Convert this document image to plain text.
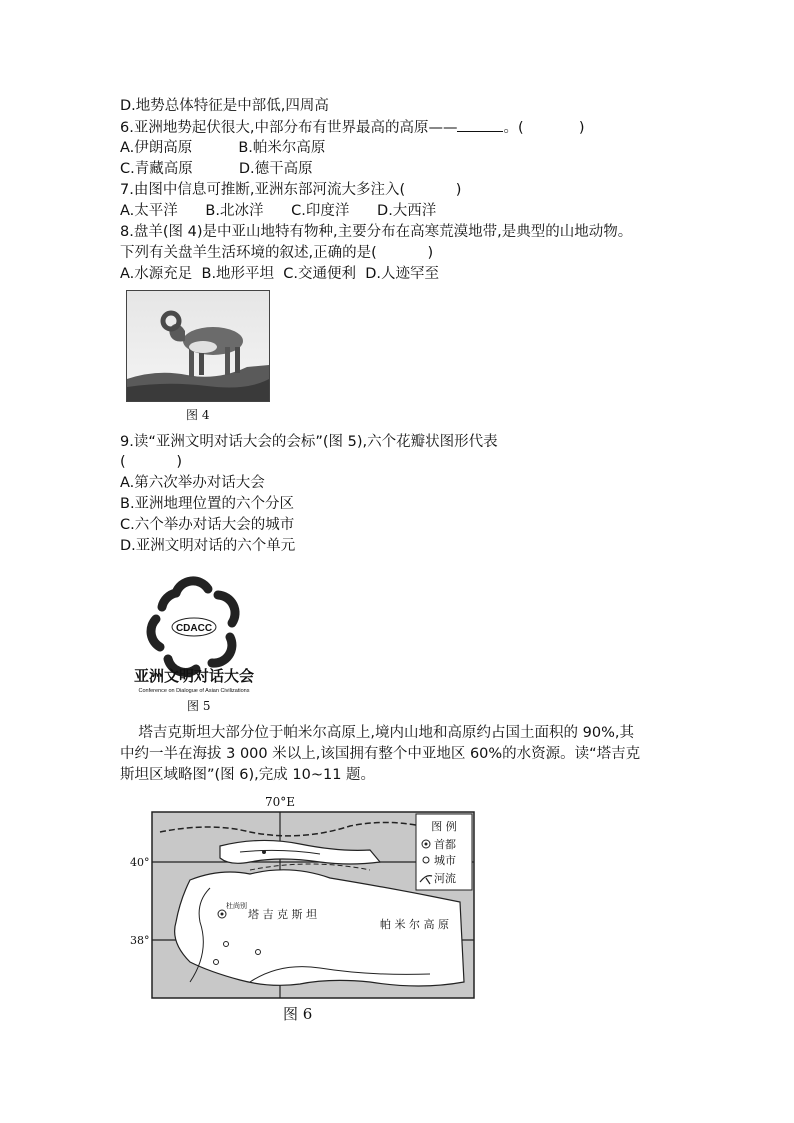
D.地势总体特征是中部低,四周高
6.亚洲地势起伏很大,中部分布有世界最高的高原——	。(            )
A.伊朗高原          B.帕米尔高原
C.青藏高原          D.德干高原
7.由图中信息可推断,亚洲东部河流大多注入(           )
A.太平洋      B.北冰洋      C.印度洋      D.大西洋
8.盘羊(图 4)是中亚山地特有物种,主要分布在高寒荒漠地带,是典型的山地动物。
下列有关盘羊生活环境的叙述,正确的是(           )
A.水源充足  B.地形平坦  C.交通便利  D.人迹罕至
图 4
9.读“亚洲文明对话大会的会标”(图 5),六个花瓣状图形代表
(           )
A.第六次举办对话大会
B.亚洲地理位置的六个分区
C.六个举办对话大会的城市
D.亚洲文明对话的六个单元
CDACC
亚洲文明对话大会
Conference on Dialogue of Asian Civilizations
图 5
塔吉克斯坦大部分位于帕米尔高原上,境内山地和高原约占国土面积的 90%,其
中约一半在海拔 3 000 米以上,该国拥有整个中亚地区 60%的水资源。读“塔吉克
斯坦区域略图”(图 6),完成 10~11 题。
70°E
40°
38°
杜尚别
塔 吉 克 斯 坦
帕 米 尔 高 原
图 例
首都
城市
河流
图 6
